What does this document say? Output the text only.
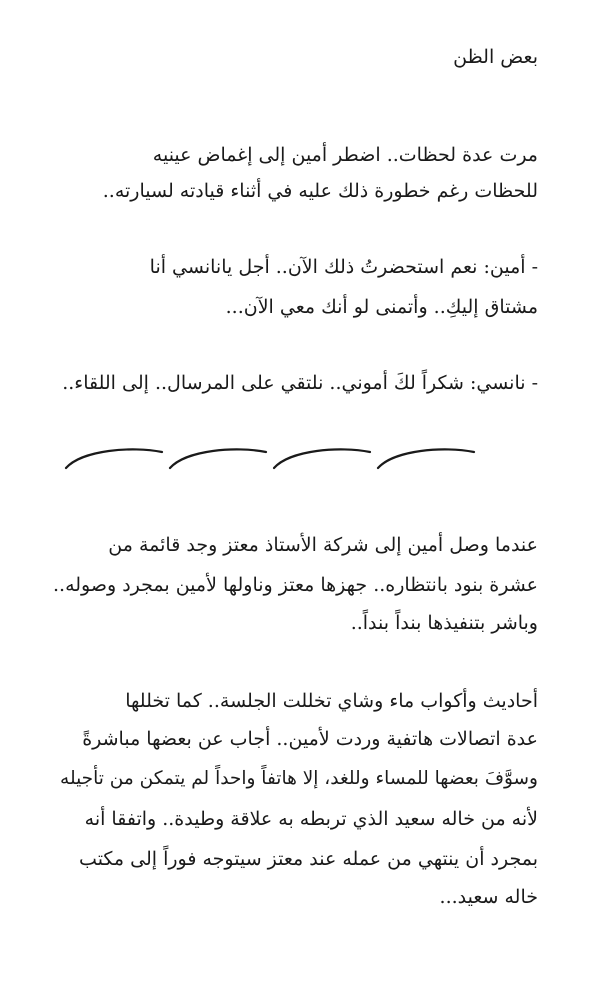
بعض الظن
مرت عدة لحظات.. اضطر أمين إلى إغماض عينيه
للحظات رغم خطورة ذلك عليه في أثناء قيادته لسيارته..
- أمين: نعم استحضرتُ ذلك الآن.. أجل يانانسي أنا
مشتاق إليكِ.. وأتمنى لو أنك معي الآن...
- نانسي: شكراً لكَ أموني.. نلتقي على المرسال.. إلى اللقاء..
عندما وصل أمين إلى شركة الأستاذ معتز وجد قائمة من
عشرة بنود بانتظاره.. جهزها معتز وناولها لأمين بمجرد وصوله..
وباشر بتنفيذها بنداً بنداً..
أحاديث وأكواب ماء وشاي تخللت الجلسة.. كما تخللها
عدة اتصالات هاتفية وردت لأمين.. أجاب عن بعضها مباشرةً
وسوَّفَ بعضها للمساء وللغد، إلا هاتفاً واحداً لم يتمكن من تأجيله
لأنه من خاله سعيد الذي تربطه به علاقة وطيدة.. واتفقا أنه
بمجرد أن ينتهي من عمله عند معتز سيتوجه فوراً إلى مكتب
خاله سعيد...
